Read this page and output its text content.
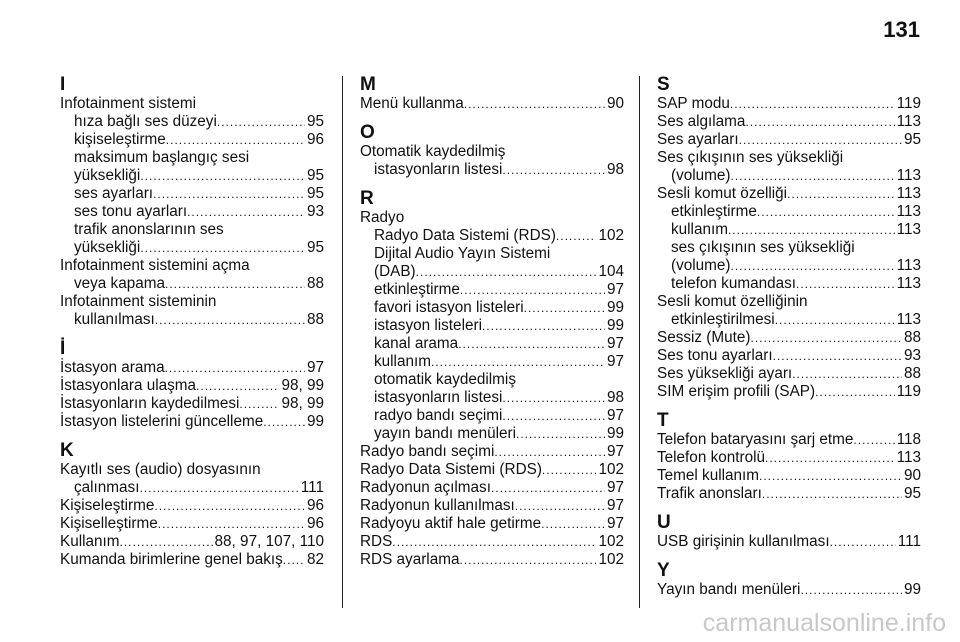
131
I
Infotainment sistemi
hıza bağlı ses düzeyi .....	95
kişiseleştirme .....	96
maksimum başlangıç sesi
yüksekliği .....	95
ses ayarları .....	95
ses tonu ayarları .....	93
trafik anonslarının ses
yüksekliği .....	95
Infotainment sistemini açma
veya kapama .....	88
Infotainment sisteminin
kullanılması .....	88
İ
İstasyon arama .....	97
İstasyonlara ulaşma .....	98, 99
İstasyonların kaydedilmesi .....	98, 99
İstasyon listelerini güncelleme .....	99
K
Kayıtlı ses (audio) dosyasının
çalınması .....	111
Kişiseleştirme .....	96
Kişiselleştirme .....	96
Kullanım .....	88, 97, 107, 110
Kumanda birimlerine genel bakış ..... 82
M
Menü kullanma .....	90
O
Otomatik kaydedilmiş
istasyonların listesi .....	98
R
Radyo
Radyo Data Sistemi (RDS) .....	102
Dijital Audio Yayın Sistemi
(DAB) .....	104
etkinleştirme .....	97
favori istasyon listeleri .....	99
istasyon listeleri .....	99
kanal arama .....	97
kullanım .....	97
otomatik kaydedilmiş
istasyonların listesi .....	98
radyo bandı seçimi .....	97
yayın bandı menüleri .....	99
Radyo bandı seçimi .....	97
Radyo Data Sistemi (RDS) .....	102
Radyonun açılması .....	97
Radyonun kullanılması .....	97
Radyoyu aktif hale getirme .....	97
RDS .....	102
RDS ayarlama .....	102
S
SAP modu .....	119
Ses algılama .....	113
Ses ayarları .....	95
Ses çıkışının ses yüksekliği
(volume) .....	113
Sesli komut özelliği .....	113
etkinleştirme .....	113
kullanım .....	113
ses çıkışının ses yüksekliği
(volume) .....	113
telefon kumandası .....	113
Sesli komut özelliğinin
etkinleştirilmesi .....	113
Sessiz (Mute) .....	88
Ses tonu ayarları .....	93
Ses yüksekliği ayarı .....	88
SIM erişim profili (SAP) .....	119
T
Telefon bataryasını şarj etme .....	118
Telefon kontrolü .....	113
Temel kullanım .....	90
Trafik anonsları .....	95
U
USB girişinin kullanılması .....	111
Y
Yayın bandı menüleri .....	99
carmanualsonline.info
